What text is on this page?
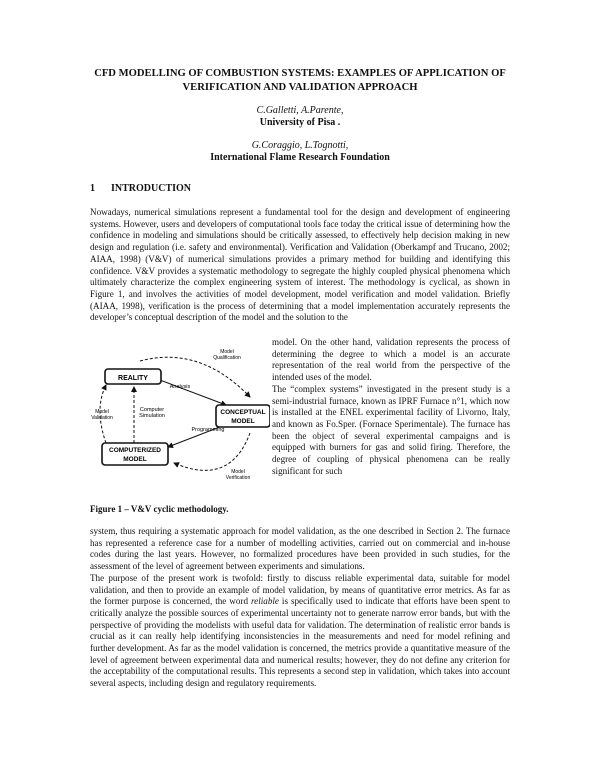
CFD MODELLING OF COMBUSTION SYSTEMS: EXAMPLES OF APPLICATION OF VERIFICATION AND VALIDATION APPROACH
C.Galletti, A.Parente,
University of Pisa .
G.Coraggio, L.Tognotti,
International Flame Research Foundation
1 INTRODUCTION
Nowadays, numerical simulations represent a fundamental tool for the design and development of engineering systems. However, users and developers of computational tools face today the critical issue of determining how the confidence in modeling and simulations should be critically assessed, to effectively help decision making in new design and regulation (i.e. safety and environmental). Verification and Validation (Oberkampf and Trucano, 2002; AIAA, 1998) (V&V) of numerical simulations provides a primary method for building and identifying this confidence. V&V provides a systematic methodology to segregate the highly coupled physical phenomena which ultimately characterize the complex engineering system of interest. The methodology is cyclical, as shown in Figure 1, and involves the activities of model development, model verification and model validation. Briefly (AIAA, 1998), verification is the process of determining that a model implementation accurately represents the developer’s conceptual description of the model and the solution to the
REALITY
CONCEPTUAL
MODEL
COMPUTERIZED
MODEL
Model
Qualification
Analysis
Model
Validation
Computer
Simulation
Programming
Model
Verification
Figure 1 – V&V cyclic methodology.
model. On the other hand, validation represents the process of determining the degree to which a model is an accurate representation of the real world from the perspective of the intended uses of the model.
The “complex systems” investigated in the present study is a semi-industrial furnace, known as IPRF Furnace n°1, which now is installed at the ENEL experimental facility of Livorno, Italy, and known as Fo.Sper. (Fornace Sperimentale). The furnace has been the object of several experimental campaigns and is equipped with burners for gas and solid firing. Therefore, the degree of coupling of physical phenomena can be really significant for such
system, thus requiring a systematic approach for model validation, as the one described in Section 2. The furnace has represented a reference case for a number of modelling activities, carried out on commercial and in-house codes during the last years. However, no formalized procedures have been provided in such studies, for the assessment of the level of agreement between experiments and simulations.
The purpose of the present work is twofold: firstly to discuss reliable experimental data, suitable for model validation, and then to provide an example of model validation, by means of quantitative error metrics. As far as the former purpose is concerned, the word reliable is specifically used to indicate that efforts have been spent to critically analyze the possible sources of experimental uncertainty not to generate narrow error bands, but with the perspective of providing the modelists with useful data for validation. The determination of realistic error bands is crucial as it can really help identifying inconsistencies in the measurements and need for model refining and further development. As far as the model validation is concerned, the metrics provide a quantitative measure of the level of agreement between experimental data and numerical results; however, they do not define any criterion for the acceptability of the computational results. This represents a second step in validation, which takes into account several aspects, including design and regulatory requirements.
